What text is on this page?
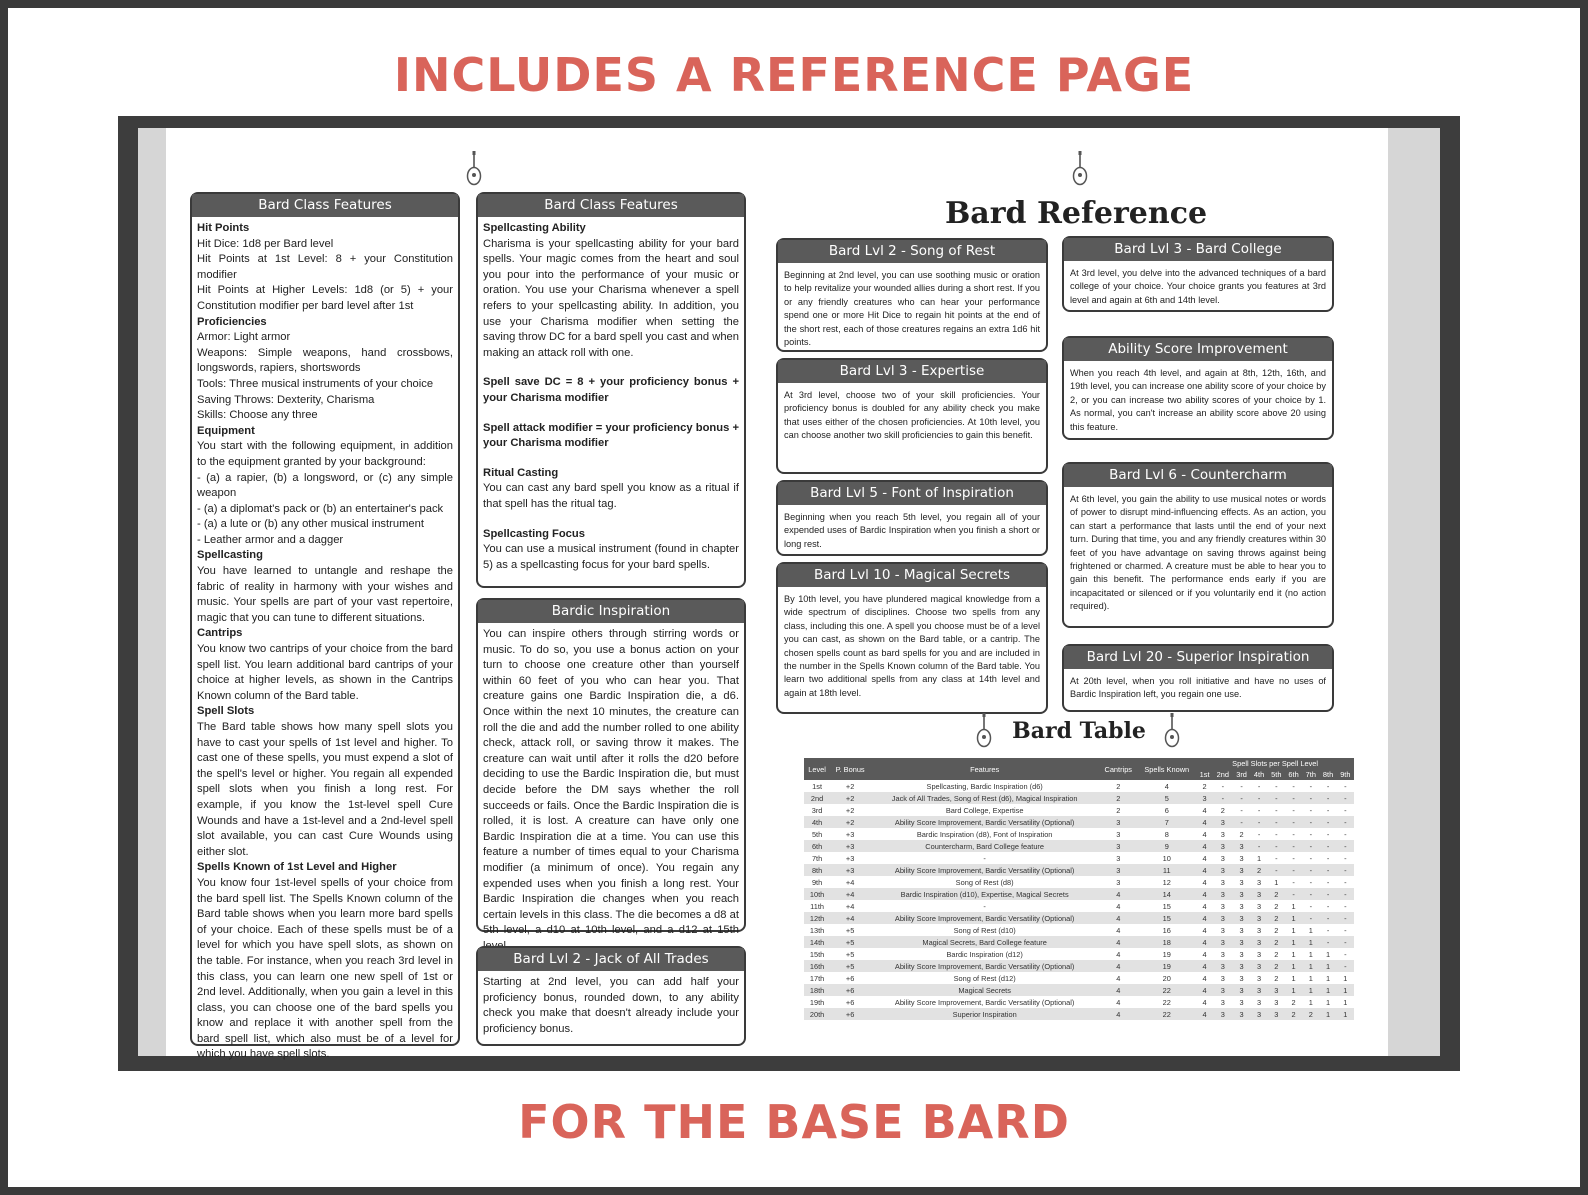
INCLUDES A REFERENCE PAGE
Bard Class Features

Hit Points

Hit Dice: 1d8 per Bard level

Hit Points at 1st Level: 8 + your Constitution modifier

Hit Points at Higher Levels: 1d8 (or 5) + your Constitution modifier per bard level after 1st

Proficiencies

Armor: Light armor

Weapons: Simple weapons, hand crossbows, longswords, rapiers, shortswords

Tools: Three musical instruments of your choice

Saving Throws: Dexterity, Charisma

Skills: Choose any three

Equipment

You start with the following equipment, in addition to the equipment granted by your background:

- (a) a rapier, (b) a longsword, or (c) any simple weapon

- (a) a diplomat's pack or (b) an entertainer's pack

- (a) a lute or (b) any other musical instrument

- Leather armor and a dagger

Spellcasting

You have learned to untangle and reshape the fabric of reality in harmony with your wishes and music. Your spells are part of your vast repertoire, magic that you can tune to different situations.

Cantrips

You know two cantrips of your choice from the bard spell list. You learn additional bard cantrips of your choice at higher levels, as shown in the Cantrips Known column of the Bard table.

Spell Slots

The Bard table shows how many spell slots you have to cast your spells of 1st level and higher. To cast one of these spells, you must expend a slot of the spell's level or higher. You regain all expended spell slots when you finish a long rest. For example, if you know the 1st-level spell Cure Wounds and have a 1st-level and a 2nd-level spell slot available, you can cast Cure Wounds using either slot.

Spells Known of 1st Level and Higher

You know four 1st-level spells of your choice from the bard spell list. The Spells Known column of the Bard table shows when you learn more bard spells of your choice. Each of these spells must be of a level for which you have spell slots, as shown on the table. For instance, when you reach 3rd level in this class, you can learn one new spell of 1st or 2nd level. Additionally, when you gain a level in this class, you can choose one of the bard spells you know and replace it with another spell from the bard spell list, which also must be of a level for which you have spell slots.

Bard Class Features

Spellcasting Ability

Charisma is your spellcasting ability for your bard spells. Your magic comes from the heart and soul you pour into the performance of your music or oration. You use your Charisma whenever a spell refers to your spellcasting ability. In addition, you use your Charisma modifier when setting the saving throw DC for a bard spell you cast and when making an attack roll with one.

Spell save DC = 8 + your proficiency bonus + your Charisma modifier

Spell attack modifier = your proficiency bonus + your Charisma modifier

Ritual Casting

You can cast any bard spell you know as a ritual if that spell has the ritual tag.

Spellcasting Focus

You can use a musical instrument (found in chapter 5) as a spellcasting focus for your bard spells.

Bardic Inspiration

You can inspire others through stirring words or music. To do so, you use a bonus action on your turn to choose one creature other than yourself within 60 feet of you who can hear you. That creature gains one Bardic Inspiration die, a d6. Once within the next 10 minutes, the creature can roll the die and add the number rolled to one ability check, attack roll, or saving throw it makes. The creature can wait until after it rolls the d20 before deciding to use the Bardic Inspiration die, but must decide before the DM says whether the roll succeeds or fails. Once the Bardic Inspiration die is rolled, it is lost. A creature can have only one Bardic Inspiration die at a time. You can use this feature a number of times equal to your Charisma modifier (a minimum of once). You regain any expended uses when you finish a long rest. Your Bardic Inspiration die changes when you reach certain levels in this class. The die becomes a d8 at 5th level, a d10 at 10th level, and a d12 at 15th

Bard Lvl 2 - Jack of All Trades

Starting at 2nd level, you can add half your proficiency bonus, rounded down, to any ability check you make that doesn't already include your proficiency bonus.

Bard Reference
Bard Lvl 2 - Song of Rest
Beginning at 2nd level, you can use soothing music or oration to help revitalize your wounded allies during a short rest. If you or any friendly creatures who can hear your performance spend one or more Hit Dice to regain hit points at the end of the short rest, each of those creatures regains an extra 1d6 hit points.
Bard Lvl 3 - Expertise
At 3rd level, choose two of your skill proficiencies. Your proficiency bonus is doubled for any ability check you make that uses either of the chosen proficiencies. At 10th level, you can choose another two skill proficiencies to gain this benefit.
Bard Lvl 5 - Font of Inspiration
Beginning when you reach 5th level, you regain all of your expended uses of Bardic Inspiration when you finish a short or long rest.
Bard Lvl 10 - Magical Secrets
By 10th level, you have plundered magical knowledge from a wide spectrum of disciplines. Choose two spells from any class, including this one. A spell you choose must be of a level you can cast, as shown on the Bard table, or a cantrip. The chosen spells count as bard spells for you and are included in the number in the Spells Known column of the Bard table. You learn two additional spells from any class at 14th level and again at 18th level.
Bard Lvl 3 - Bard College
At 3rd level, you delve into the advanced techniques of a bard college of your choice. Your choice grants you features at 3rd level and again at 6th and 14th level.
Ability Score Improvement
When you reach 4th level, and again at 8th, 12th, 16th, and 19th level, you can increase one ability score of your choice by 2, or you can increase two ability scores of your choice by 1. As normal, you can't increase an ability score above 20 using this feature.
Bard Lvl 6 - Countercharm
At 6th level, you gain the ability to use musical notes or words of power to disrupt mind-influencing effects. As an action, you can start a performance that lasts until the end of your next turn. During that time, you and any friendly creatures within 30 feet of you have advantage on saving throws against being frightened or charmed. A creature must be able to hear you to gain this benefit. The performance ends early if you are incapacitated or silenced or if you voluntarily end it (no action required).
Bard Lvl 20 - Superior Inspiration
At 20th level, when you roll initiative and have no uses of Bardic Inspiration left, you regain one use.
Bard Table
Level	P. Bonus	Features	Cantrips	Spells Known	Spell Slots per Spell Level								
					1st	2nd	3rd	4th	5th	6th	7th	8th	9th
1st	+2	Spellcasting, Bardic Inspiration (d6)	2	4	2	-	-	-	-	-	-	-	-
2nd	+2	Jack of All Trades, Song of Rest (d6), Magical Inspiration	2	5	3	-	-	-	-	-	-	-	-
3rd	+2	Bard College, Expertise	2	6	4	2	-	-	-	-	-	-	-
4th	+2	Ability Score Improvement, Bardic Versatility (Optional)	3	7	4	3	-	-	-	-	-	-	-
5th	+3	Bardic Inspiration (d8), Font of Inspiration	3	8	4	3	2	-	-	-	-	-	-
6th	+3	Countercharm, Bard College feature	3	9	4	3	3	-	-	-	-	-	-
7th	+3	-	3	10	4	3	3	1	-	-	-	-	-
8th	+3	Ability Score Improvement, Bardic Versatility (Optional)	3	11	4	3	3	2	-	-	-	-	-
9th	+4	Song of Rest (d8)	3	12	4	3	3	3	1	-	-	-	-
10th	+4	Bardic Inspiration (d10), Expertise, Magical Secrets	4	14	4	3	3	3	2	-	-	-	-
11th	+4	-	4	15	4	3	3	3	2	1	-	-	-
12th	+4	Ability Score Improvement, Bardic Versatility (Optional)	4	15	4	3	3	3	2	1	-	-	-
13th	+5	Song of Rest (d10)	4	16	4	3	3	3	2	1	1	-	-
14th	+5	Magical Secrets, Bard College feature	4	18	4	3	3	3	2	1	1	-	-
15th	+5	Bardic Inspiration (d12)	4	19	4	3	3	3	2	1	1	1	-
16th	+5	Ability Score Improvement, Bardic Versatility (Optional)	4	19	4	3	3	3	2	1	1	1	-
17th	+6	Song of Rest (d12)	4	20	4	3	3	3	2	1	1	1	1
18th	+6	Magical Secrets	4	22	4	3	3	3	3	1	1	1	1
19th	+6	Ability Score Improvement, Bardic Versatility (Optional)	4	22	4	3	3	3	3	2	1	1	1
20th	+6	Superior Inspiration	4	22	4	3	3	3	3	2	2	1	1
FOR THE BASE BARD
